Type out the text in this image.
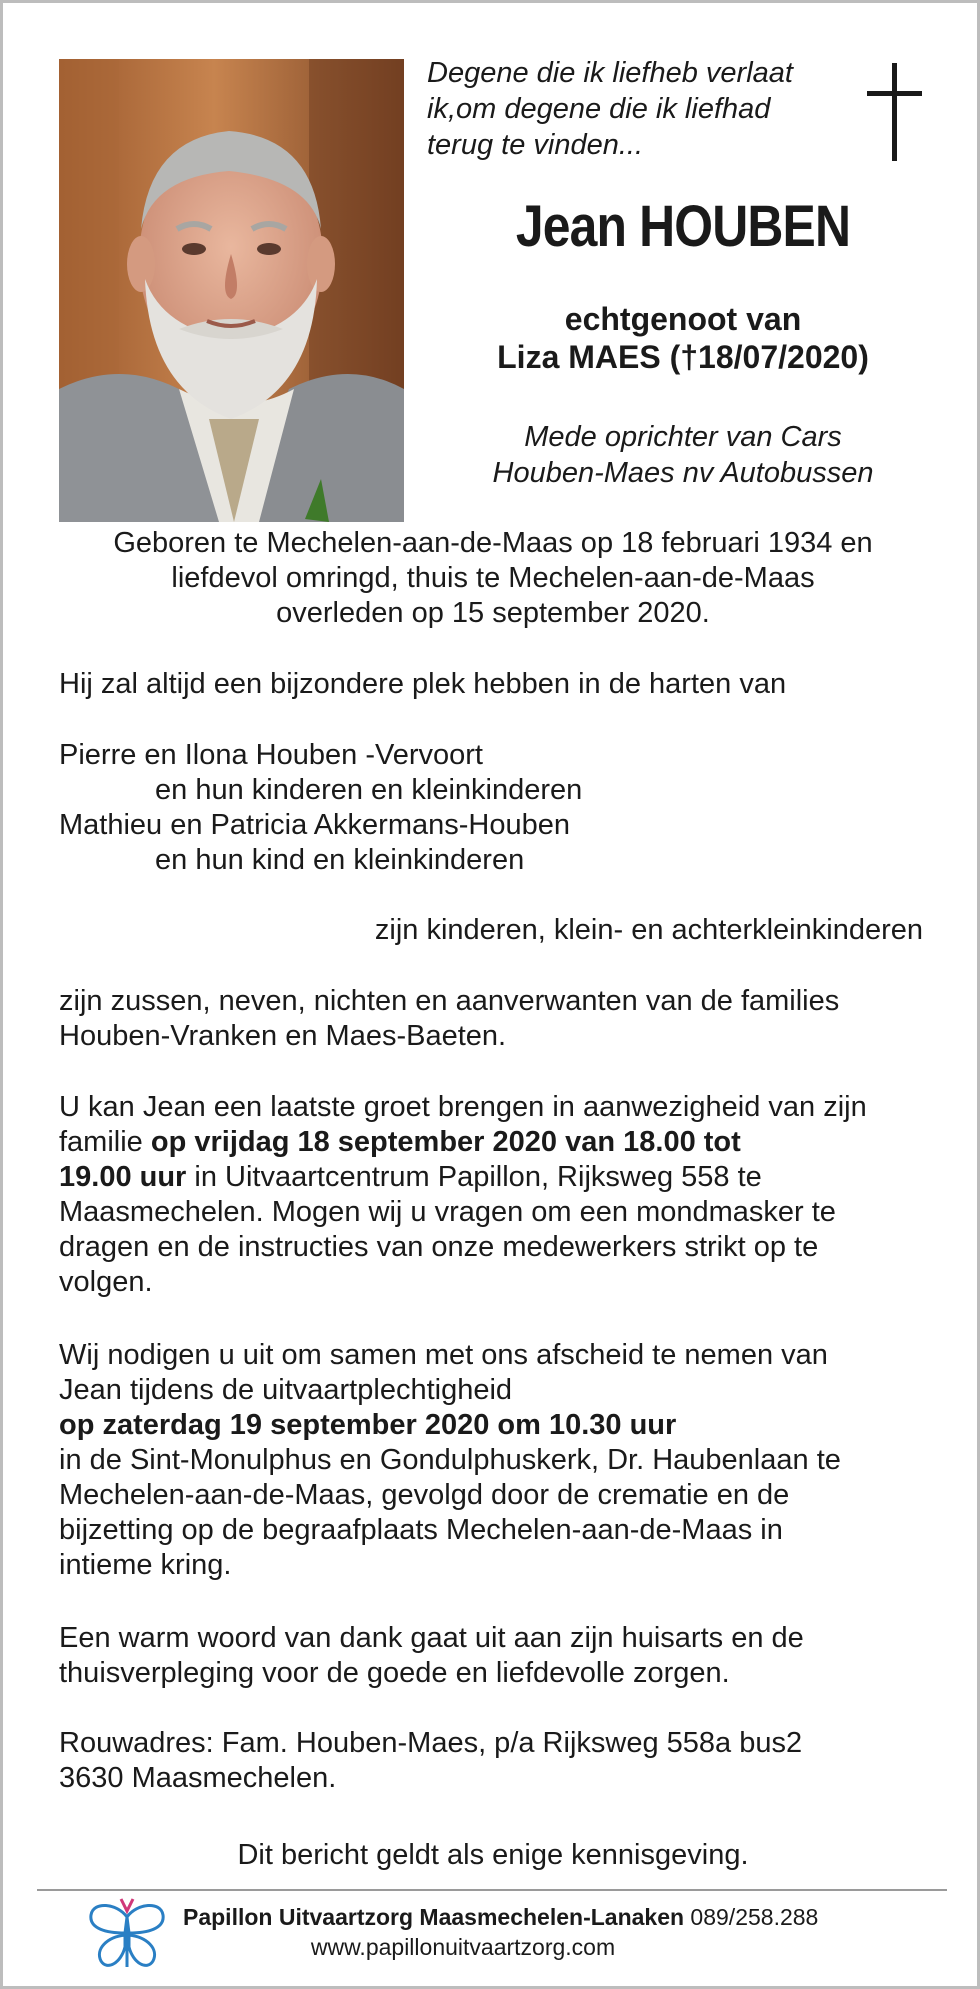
Degene die ik liefheb verlaat
ik,om degene die ik liefhad
terug te vinden...

Jean HOUBEN

echtgenoot van
Liza MAES (†18/07/2020)

Mede oprichter van Cars
Houben-Maes nv Autobussen

Geboren te Mechelen-aan-de-Maas op 18 februari 1934 en
liefdevol omringd, thuis te Mechelen-aan-de-Maas
overleden op 15 september 2020.

Hij zal altijd een bijzondere plek hebben in de harten van

Pierre en Ilona Houben -Vervoort
en hun kinderen en kleinkinderen
Mathieu en Patricia Akkermans-Houben
en hun kind en kleinkinderen

zijn kinderen, klein- en achterkleinkinderen

zijn zussen, neven, nichten en aanverwanten van de families
Houben-Vranken en Maes-Baeten.

U kan Jean een laatste groet brengen in aanwezigheid van zijn
familie op vrijdag 18 september 2020 van 18.00 tot
19.00 uur in Uitvaartcentrum Papillon, Rijksweg 558 te
Maasmechelen. Mogen wij u vragen om een mondmasker te
dragen en de instructies van onze medewerkers strikt op te
volgen.

Wij nodigen u uit om samen met ons afscheid te nemen van
Jean tijdens de uitvaartplechtigheid
op zaterdag 19 september 2020 om 10.30 uur
in de Sint-Monulphus en Gondulphuskerk, Dr. Haubenlaan te
Mechelen-aan-de-Maas, gevolgd door de crematie en de
bijzetting op de begraafplaats Mechelen-aan-de-Maas in
intieme kring.

Een warm woord van dank gaat uit aan zijn huisarts en de
thuisverpleging voor de goede en liefdevolle zorgen.

Rouwadres: Fam. Houben-Maes, p/a Rijksweg 558a bus2
3630 Maasmechelen.

Dit bericht geldt als enige kennisgeving.

Papillon Uitvaartzorg Maasmechelen-Lanaken 089/258.288

www.papillonuitvaartzorg.com
